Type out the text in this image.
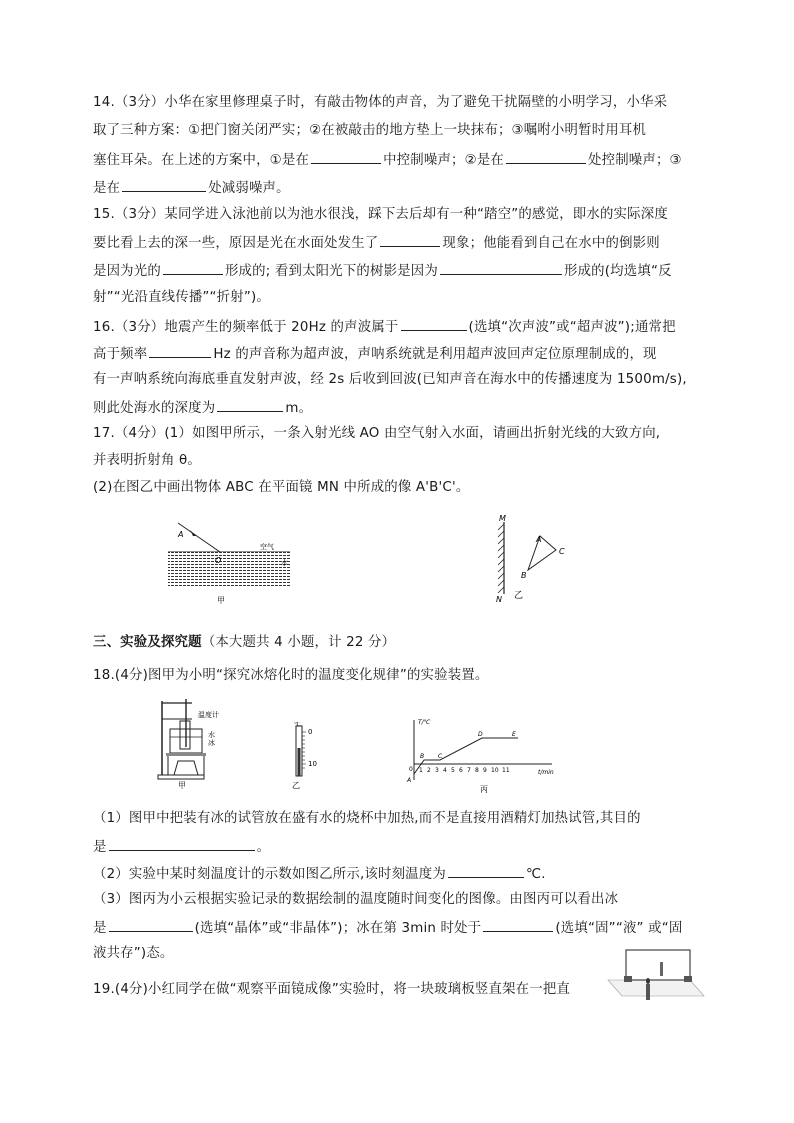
14.（3分）小华在家里修理桌子时，有敲击物体的声音，为了避免干扰隔壁的小明学习，小华采
取了三种方案：①把门窗关闭严实；②在被敲击的地方垫上一块抹布；③嘱咐小明暂时用耳机
塞住耳朵。在上述的方案中，①是在	中控制噪声；②是在	处控制噪声；③
是在	处减弱噪声。
15.（3分）某同学进入泳池前以为池水很浅，踩下去后却有一种“踏空”的感觉，即水的实际深度
要比看上去的深一些，原因是光在水面处发生了	现象；他能看到自己在水中的倒影则
是因为光的	形成的; 看到太阳光下的树影是因为	形成的(均选填“反
射”“光沿直线传播”“折射”)。
16.（3分）地震产生的频率低于 20Hz 的声波属于	(选填“次声波”或“超声波”);通常把
高于频率	Hz 的声音称为超声波，声呐系统就是利用超声波回声定位原理制成的，现
有一声呐系统向海底垂直发射声波，经 2s 后收到回波(已知声音在海水中的传播速度为 1500m/s),
则此处海水的深度为	m。
17.（4分）(1）如图甲所示，一条入射光线 AO 由空气射入水面，请画出折射光线的大致方向,
并表明折射角 θ。
(2)在图乙中画出物体 ABC 在平面镜 MN 中所成的像 A'B'C'。
A
O
空气
水
甲
M
N
A
C
B
乙
三、实验及探究题（本大题共 4 小题，计 22 分）
18.(4分)图甲为小明“探究冰熔化时的温度变化规律”的实验装置。
温度计
水
冰
甲
℃
0
10
乙
T/℃
t/min
0 1 2 3 4 5 6 7 8 9 10 11
A
B C
D	E
丙
（1）图甲中把装有冰的试管放在盛有水的烧杯中加热,而不是直接用酒精灯加热试管,其目的
是	。
（2）实验中某时刻温度计的示数如图乙所示,该时刻温度为	℃.
（3）图丙为小云根据实验记录的数据绘制的温度随时间变化的图像。由图丙可以看出冰
是	(选填“晶体”或“非晶体”)；冰在第 3min 时处于	(选填“固”“液” 或“固
液共存”)态。
19.(4分)小红同学在做“观察平面镜成像”实验时，将一块玻璃板竖直架在一把直
